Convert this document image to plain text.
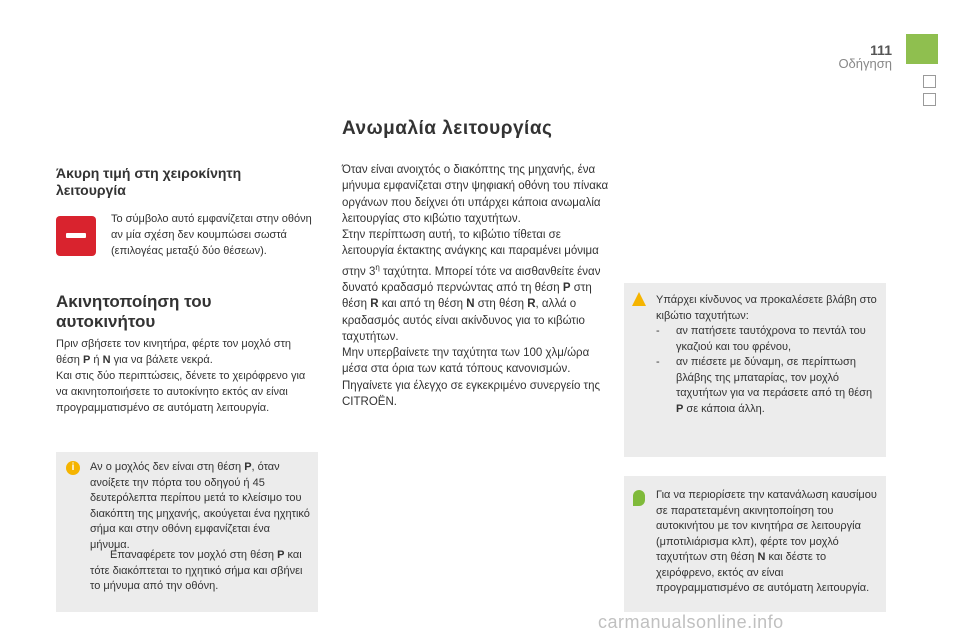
111
Οδήγηση
Άκυρη τιμή στη χειροκίνητη λειτουργία

Το σύμβολο αυτό εμφανίζεται στην οθόνη αν μία σχέση δεν κουμπώσει σωστά (επιλογέας μεταξύ δύο θέσεων).

Ακινητοποίηση του αυτοκινήτου
Πριν σβήσετε τον κινητήρα, φέρτε τον μοχλό στη θέση P ή N για να βάλετε νεκρά.
Και στις δύο περιπτώσεις, δένετε το χειρόφρενο για να ακινητοποιήσετε το αυτοκίνητο εκτός αν είναι προγραμματισμένο σε αυτόματη λειτουργία.
i	Αν ο μοχλός δεν είναι στη θέση P, όταν ανοίξετε την πόρτα του οδηγού ή 45 δευτερόλεπτα περίπου μετά το κλείσιμο του διακόπτη της μηχανής, ακούγεται ένα ηχητικό σήμα και στην οθόνη εμφανίζεται ένα μήνυμα.
Επαναφέρετε τον μοχλό στη θέση P και τότε διακόπτεται το ηχητικό σήμα και σβήνει το μήνυμα από την οθόνη.
Ανωμαλία λειτουργίας
Όταν είναι ανοιχτός ο διακόπτης της μηχανής, ένα μήνυμα εμφανίζεται στην ψηφιακή οθόνη του πίνακα οργάνων που δείχνει ότι υπάρχει κάποια ανωμαλία λειτουργίας στο κιβώτιο ταχυτήτων.
Στην περίπτωση αυτή, το κιβώτιο τίθεται σε λειτουργία έκτακτης ανάγκης και παραμένει μόνιμα στην $3^\eta$ ταχύτητα. Μπορεί τότε να αισθανθείτε έναν δυνατό κραδασμό περνώντας από τη θέση P στη θέση R και από τη θέση N στη θέση R, αλλά ο κραδασμός αυτός είναι ακίνδυνος για το κιβώτιο ταχυτήτων.
Μην υπερβαίνετε την ταχύτητα των 100 χλμ/ώρα μέσα στα όρια των κατά τόπους κανονισμών.
Πηγαίνετε για έλεγχο σε εγκεκριμένο συνεργείο της CITROËN.
Υπάρχει κίνδυνος να προκαλέσετε βλάβη στο κιβώτιο ταχυτήτων:
- αν πατήσετε ταυτόχρονα το πεντάλ του γκαζιού και του φρένου,
- αν πιέσετε με δύναμη, σε περίπτωση βλάβης της μπαταρίας, τον μοχλό ταχυτήτων για να περάσετε από τη θέση P σε κάποια άλλη.
Για να περιορίσετε την κατανάλωση καυσίμου σε παρατεταμένη ακινητοποίηση του αυτοκινήτου με τον κινητήρα σε λειτουργία (μποτιλιάρισμα κλπ), φέρτε τον μοχλό ταχυτήτων στη θέση N και δέστε το χειρόφρενο, εκτός αν είναι προγραμματισμένο σε αυτόματη λειτουργία.
carmanualsonline.info
